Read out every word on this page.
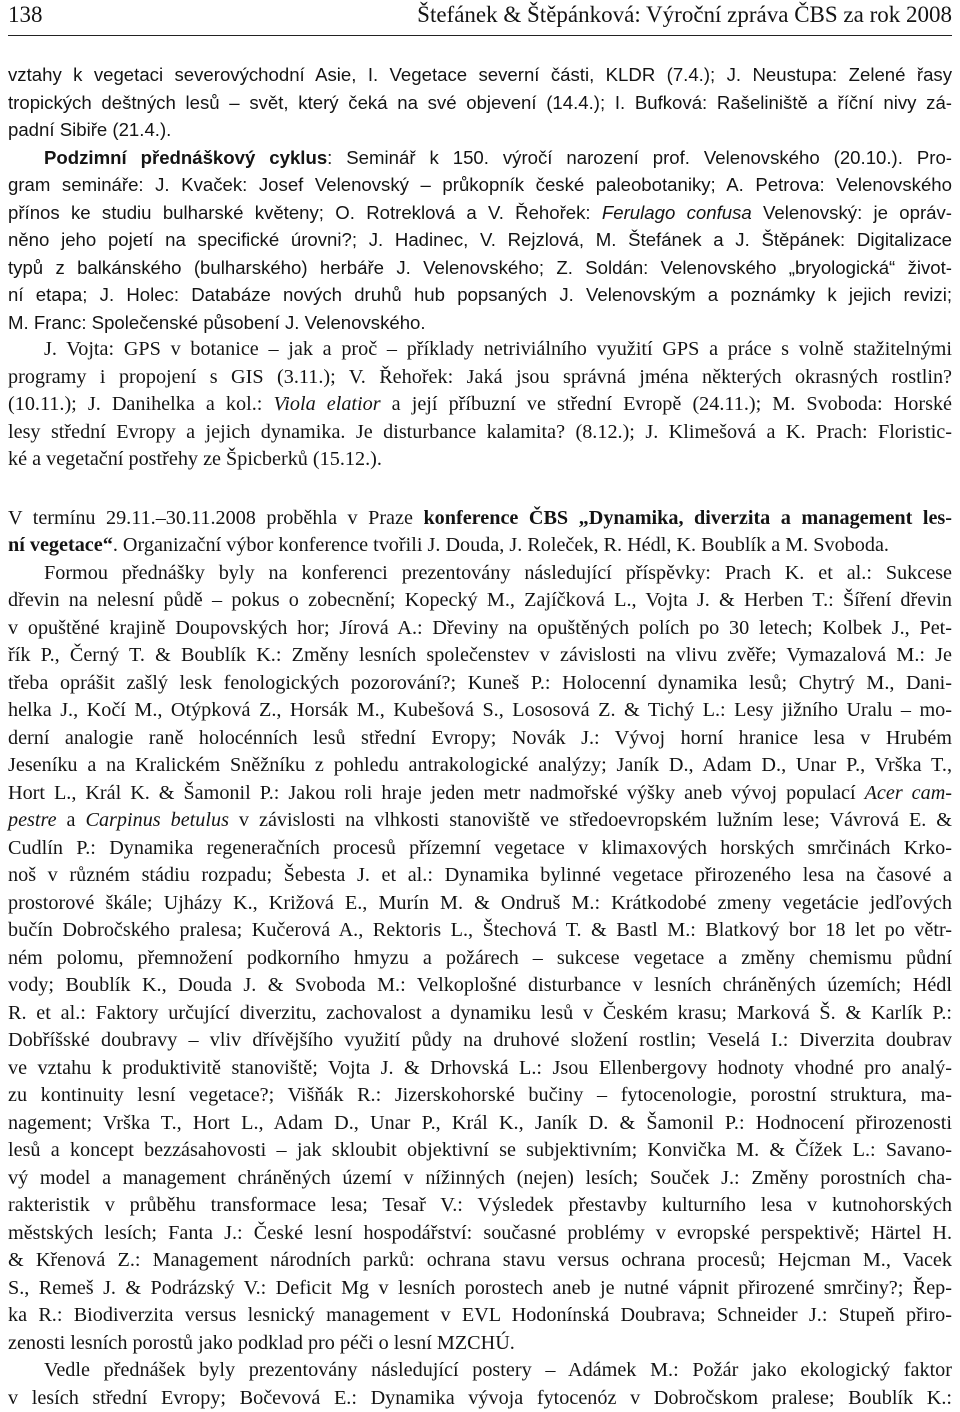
138	Štefánek & Štěpánková: Výroční zpráva ČBS za rok 2008
vztahy k vegetaci severovýchodní Asie, I. Vegetace severní části, KLDR (7.4.); J. Neustupa: Zelené řasy
tropických deštných lesů – svět, který čeká na své objevení (14.4.); I. Bufková: Rašeliniště a říční nivy zá-
padní Sibiře (21.4.).
Podzimní přednáškový cyklus: Seminář k 150. výročí narození prof. Velenovského (20.10.). Pro-
gram semináře: J. Kvaček: Josef Velenovský – průkopník české paleobotaniky; A. Petrova: Velenovského
přínos ke studiu bulharské květeny; O. Rotreklová a V. Řehořek: Ferulago confusa Velenovský: je opráv-
něno jeho pojetí na specifické úrovni?; J. Hadinec, V. Rejzlová, M. Štefánek a J. Štěpánek: Digitalizace
typů z balkánského (bulharského) herbáře J. Velenovského; Z. Soldán: Velenovského „bryologická“ život-
ní etapa; J. Holec: Databáze nových druhů hub popsaných J. Velenovským a poznámky k jejich revizi;
M. Franc: Společenské působení J. Velenovského.
J. Vojta: GPS v botanice – jak a proč – příklady netriviálního využití GPS a práce s volně stažitelnými
programy i propojení s GIS (3.11.); V. Řehořek: Jaká jsou správná jména některých okrasných rostlin?
(10.11.); J. Danihelka a kol.: Viola elatior a její příbuzní ve střední Evropě (24.11.); M. Svoboda: Horské
lesy střední Evropy a jejich dynamika. Je disturbance kalamita? (8.12.); J. Klimešová a K. Prach: Floristic-
ké a vegetační postřehy ze Špicberků (15.12.).
V termínu 29.11.–30.11.2008 proběhla v Praze konference ČBS „Dynamika, diverzita a management les-
ní vegetace“. Organizační výbor konference tvořili J. Douda, J. Roleček, R. Hédl, K. Boublík a M. Svoboda.
Formou přednášky byly na konferenci prezentovány následující příspěvky: Prach K. et al.: Sukcese
dřevin na nelesní půdě – pokus o zobecnění; Kopecký M., Zajíčková L., Vojta J. & Herben T.: Šíření dřevin
v opuštěné krajině Doupovských hor; Jírová A.: Dřeviny na opuštěných polích po 30 letech; Kolbek J., Pet-
řík P., Černý T. & Boublík K.: Změny lesních společenstev v závislosti na vlivu zvěře; Vymazalová M.: Je
třeba oprášit zašlý lesk fenologických pozorování?; Kuneš P.: Holocenní dynamika lesů; Chytrý M., Dani-
helka J., Kočí M., Otýpková Z., Horsák M., Kubešová S., Lososová Z. & Tichý L.: Lesy jižního Uralu – mo-
derní analogie raně holocénních lesů střední Evropy; Novák J.: Vývoj horní hranice lesa v Hrubém
Jeseníku a na Kralickém Sněžníku z pohledu antrakologické analýzy; Janík D., Adam D., Unar P., Vrška T.,
Hort L., Král K. & Šamonil P.: Jakou roli hraje jeden metr nadmořské výšky aneb vývoj populací Acer cam-
pestre a Carpinus betulus v závislosti na vlhkosti stanoviště ve středoevropském lužním lese; Vávrová E. &
Cudlín P.: Dynamika regeneračních procesů přízemní vegetace v klimaxových horských smrčinách Krko-
noš v různém stádiu rozpadu; Šebesta J. et al.: Dynamika bylinné vegetace přirozeného lesa na časové a
prostorové škále; Ujházy K., Križová E., Murín M. & Ondruš M.: Krátkodobé zmeny vegetácie jedľových
bučín Dobročského pralesa; Kučerová A., Rektoris L., Štechová T. & Bastl M.: Blatkový bor 18 let po větr-
ném polomu, přemnožení podkorního hmyzu a požárech – sukcese vegetace a změny chemismu půdní
vody; Boublík K., Douda J. & Svoboda M.: Velkoplošné disturbance v lesních chráněných územích; Hédl
R. et al.: Faktory určující diverzitu, zachovalost a dynamiku lesů v Českém krasu; Marková Š. & Karlík P.:
Dobříšské doubravy – vliv dřívějšího využití půdy na druhové složení rostlin; Veselá I.: Diverzita doubrav
ve vztahu k produktivitě stanoviště; Vojta J. & Drhovská L.: Jsou Ellenbergovy hodnoty vhodné pro analý-
zu kontinuity lesní vegetace?; Višňák R.: Jizerskohorské bučiny – fytocenologie, porostní struktura, ma-
nagement; Vrška T., Hort L., Adam D., Unar P., Král K., Janík D. & Šamonil P.: Hodnocení přirozenosti
lesů a koncept bezzásahovosti – jak skloubit objektivní se subjektivním; Konvička M. & Čížek L.: Savano-
vý model a management chráněných území v nížinných (nejen) lesích; Souček J.: Změny porostních cha-
rakteristik v průběhu transformace lesa; Tesař V.: Výsledek přestavby kulturního lesa v kutnohorských
městských lesích; Fanta J.: České lesní hospodářství: současné problémy v evropské perspektivě; Härtel H.
& Křenová Z.: Management národních parků: ochrana stavu versus ochrana procesů; Hejcman M., Vacek
S., Remeš J. & Podrázský V.: Deficit Mg v lesních porostech aneb je nutné vápnit přirozené smrčiny?; Řep-
ka R.: Biodiverzita versus lesnický management v EVL Hodonínská Doubrava; Schneider J.: Stupeň přiro-
zenosti lesních porostů jako podklad pro péči o lesní MZCHÚ.
Vedle přednášek byly prezentovány následující postery – Adámek M.: Požár jako ekologický faktor
v lesích střední Evropy; Bočevová E.: Dynamika vývoja fytocenóz v Dobročskom pralese; Boublík K.:
